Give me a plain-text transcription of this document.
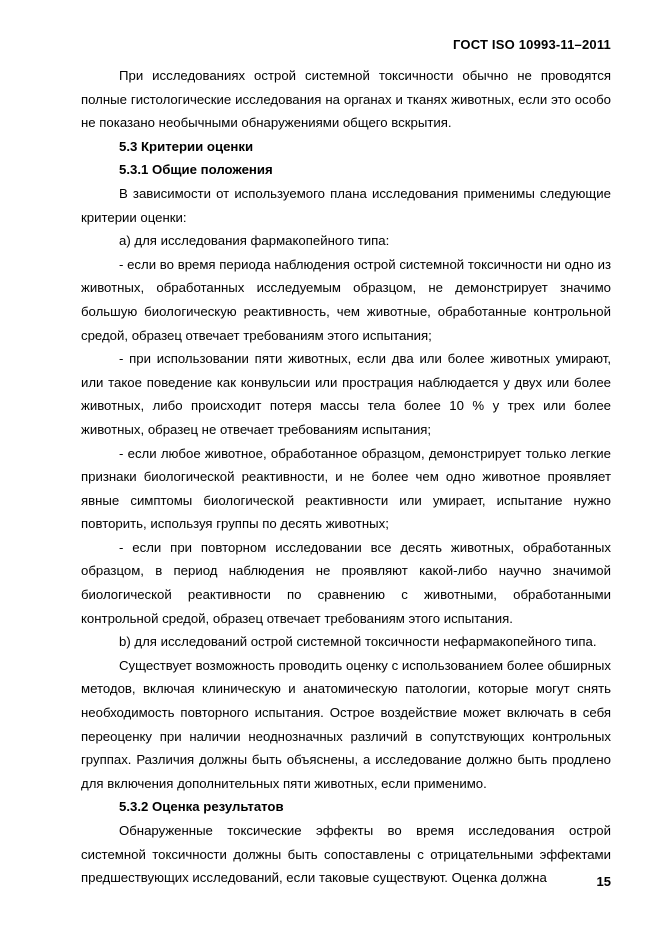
ГОСТ ISO 10993-11–2011

При исследованиях острой системной токсичности обычно не проводятся полные гистологические исследования на органах и тканях животных, если это особо не показано необычными обнаружениями общего вскрытия.

5.3 Критерии оценки

5.3.1 Общие положения

В зависимости от используемого плана исследования применимы следующие критерии оценки:

а) для исследования фармакопейного типа:

- если во время периода наблюдения острой системной токсичности ни одно из животных, обработанных исследуемым образцом, не демонстрирует значимо большую биологическую реактивность, чем животные, обработанные контрольной средой, образец отвечает требованиям этого испытания;

- при использовании пяти животных, если два или более животных умирают, или такое поведение как конвульсии или прострация наблюдается у двух или более животных, либо происходит потеря массы тела более 10 % у трех или более животных, образец не отвечает требованиям испытания;

- если любое животное, обработанное образцом, демонстрирует только легкие признаки биологической реактивности, и не более чем одно животное проявляет явные симптомы биологической реактивности или умирает, испытание нужно повторить, используя группы по десять животных;

- если при повторном исследовании все десять животных, обработанных образцом, в период наблюдения не проявляют какой-либо научно значимой биологической реактивности по сравнению с животными, обработанными контрольной средой, образец отвечает требованиям этого испытания.

b) для исследований острой системной токсичности нефармакопейного типа.

Существует возможность проводить оценку с использованием более обширных методов, включая клиническую и анатомическую патологии, которые могут снять необходимость повторного испытания. Острое воздействие может включать в себя переоценку при наличии неоднозначных различий в сопутствующих контрольных группах. Различия должны быть объяснены, а исследование должно быть продлено для включения дополнительных пяти животных, если применимо.

5.3.2 Оценка результатов

Обнаруженные токсические эффекты во время исследования острой системной токсичности должны быть сопоставлены с отрицательными эффектами предшествующих исследований, если таковые существуют. Оценка должна	15
